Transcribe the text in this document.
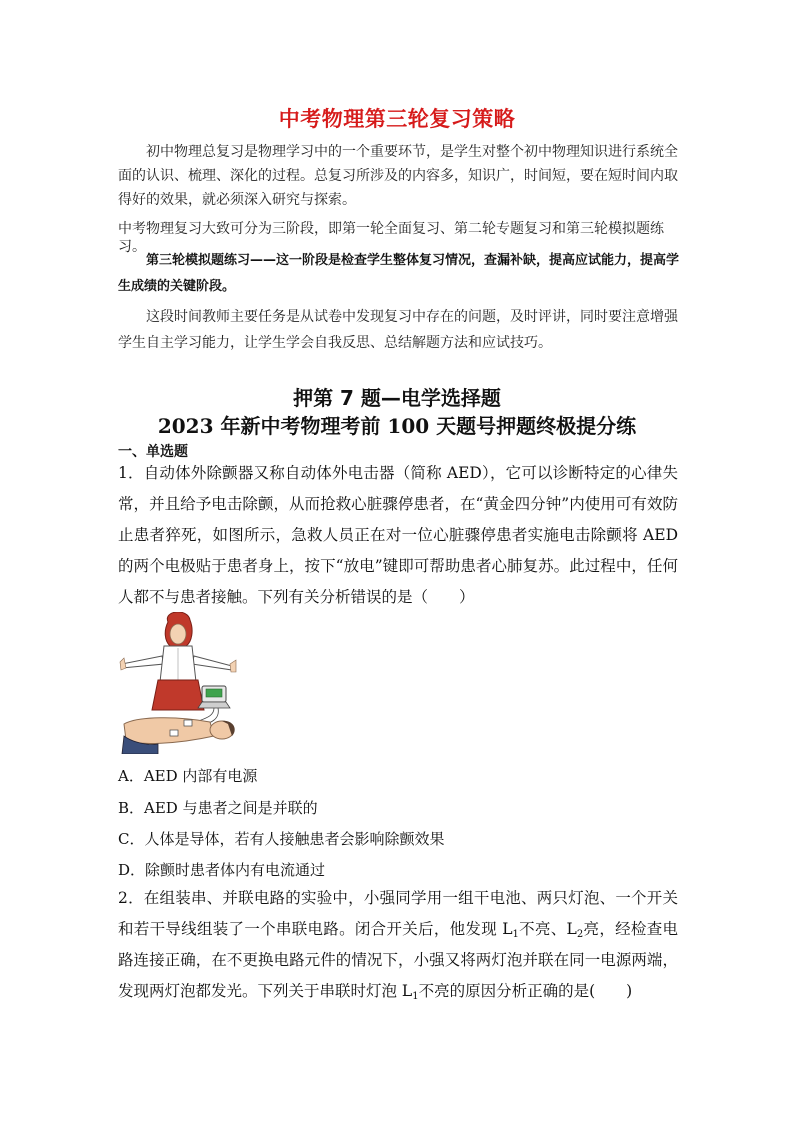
中考物理第三轮复习策略

初中物理总复习是物理学习中的一个重要环节，是学生对整个初中物理知识进行系统全面的认识、梳理、深化的过程。总复习所涉及的内容多，知识广，时间短，要在短时间内取得好的效果，就必须深入研究与探索。

中考物理复习大致可分为三阶段，即第一轮全面复习、第二轮专题复习和第三轮模拟题练习。

第三轮模拟题练习——这一阶段是检查学生整体复习情况，查漏补缺，提高应试能力，提高学生成绩的关键阶段。

这段时间教师主要任务是从试卷中发现复习中存在的问题，及时评讲，同时要注意增强学生自主学习能力，让学生学会自我反思、总结解题方法和应试技巧。

押第 7 题—电学选择题
2023 年新中考物理考前 100 天题号押题终极提分练
一、单选题

1．自动体外除颤器又称自动体外电击器（简称 AED），它可以诊断特定的心律失常，并且给予电击除颤，从而抢救心脏骤停患者，在“黄金四分钟”内使用可有效防止患者猝死，如图所示，急救人员正在对一位心脏骤停患者实施电击除颤将 AED 的两个电极贴于患者身上，按下“放电”键即可帮助患者心肺复苏。此过程中，任何人都不与患者接触。下列有关分析错误的是（　　）

A．AED 内部有电源

B．AED 与患者之间是并联的

C．人体是导体，若有人接触患者会影响除颤效果

D．除颤时患者体内有电流通过

2．在组装串、并联电路的实验中，小强同学用一组干电池、两只灯泡、一个开关和若干导线组装了一个串联电路。闭合开关后，他发现 $L_1$不亮、$L_2$亮，经检查电路连接正确，在不更换电路元件的情况下，小强又将两灯泡并联在同一电源两端，发现两灯泡都发光。下列关于串联时灯泡 $L_1$不亮的原因分析正确的是(　　)
